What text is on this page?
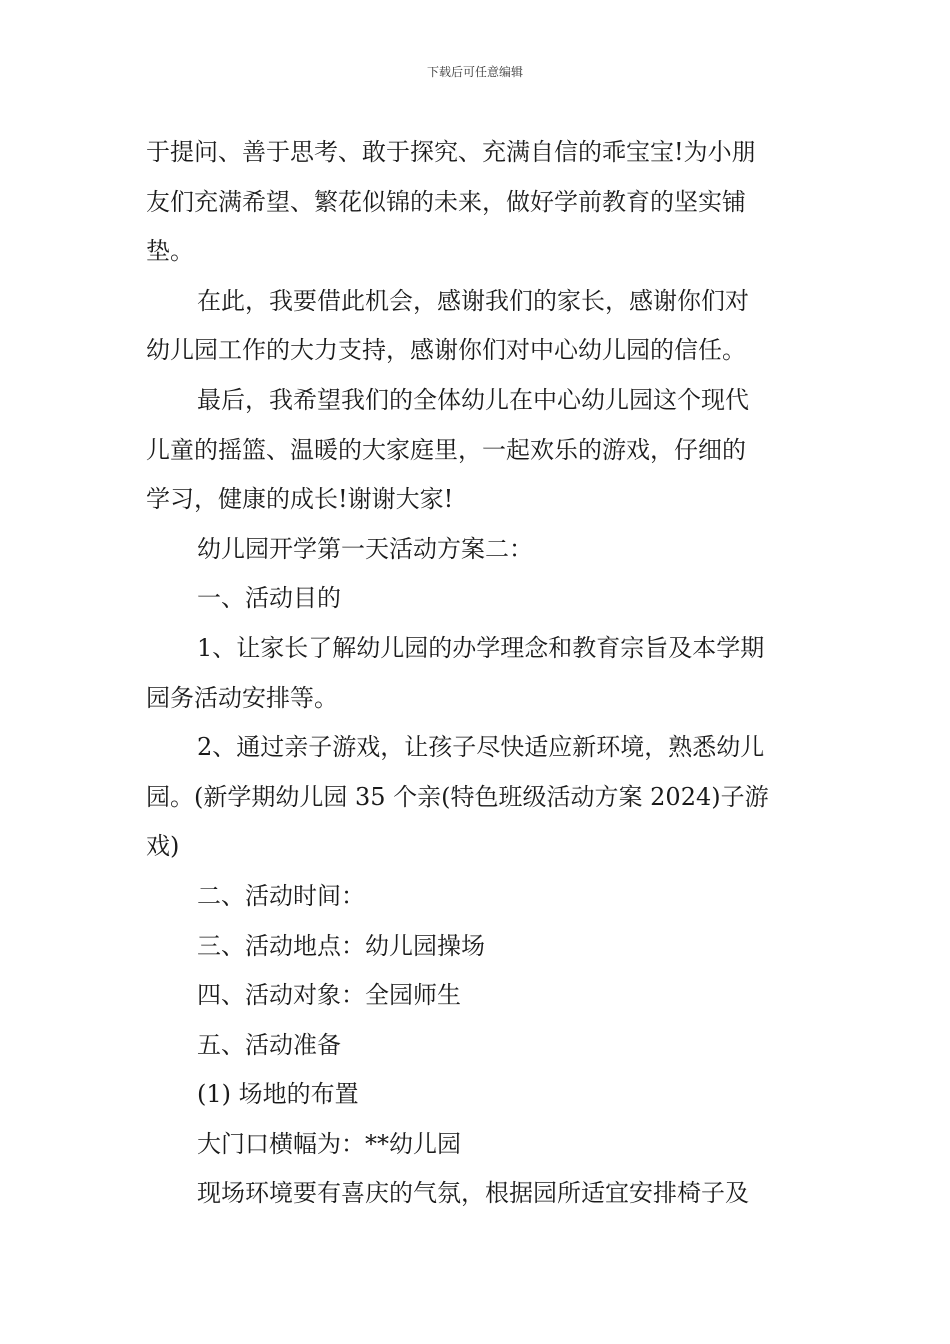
下载后可任意编辑
于提问、善于思考、敢于探究、充满自信的乖宝宝!为小朋
友们充满希望、繁花似锦的未来，做好学前教育的坚实铺
垫。
在此，我要借此机会，感谢我们的家长，感谢你们对
幼儿园工作的大力支持，感谢你们对中心幼儿园的信任。
最后，我希望我们的全体幼儿在中心幼儿园这个现代
儿童的摇篮、温暖的大家庭里，一起欢乐的游戏，仔细的
学习，健康的成长!谢谢大家!
幼儿园开学第一天活动方案二：
一、活动目的
1、让家长了解幼儿园的办学理念和教育宗旨及本学期
园务活动安排等。
2、通过亲子游戏，让孩子尽快适应新环境，熟悉幼儿
园。(新学期幼儿园 35 个亲(特色班级活动方案 2024)子游
戏)
二、活动时间：
三、活动地点：幼儿园操场
四、活动对象：全园师生
五、活动准备
(1) 场地的布置
大门口横幅为：**幼儿园
现场环境要有喜庆的气氛，根据园所适宜安排椅子及
